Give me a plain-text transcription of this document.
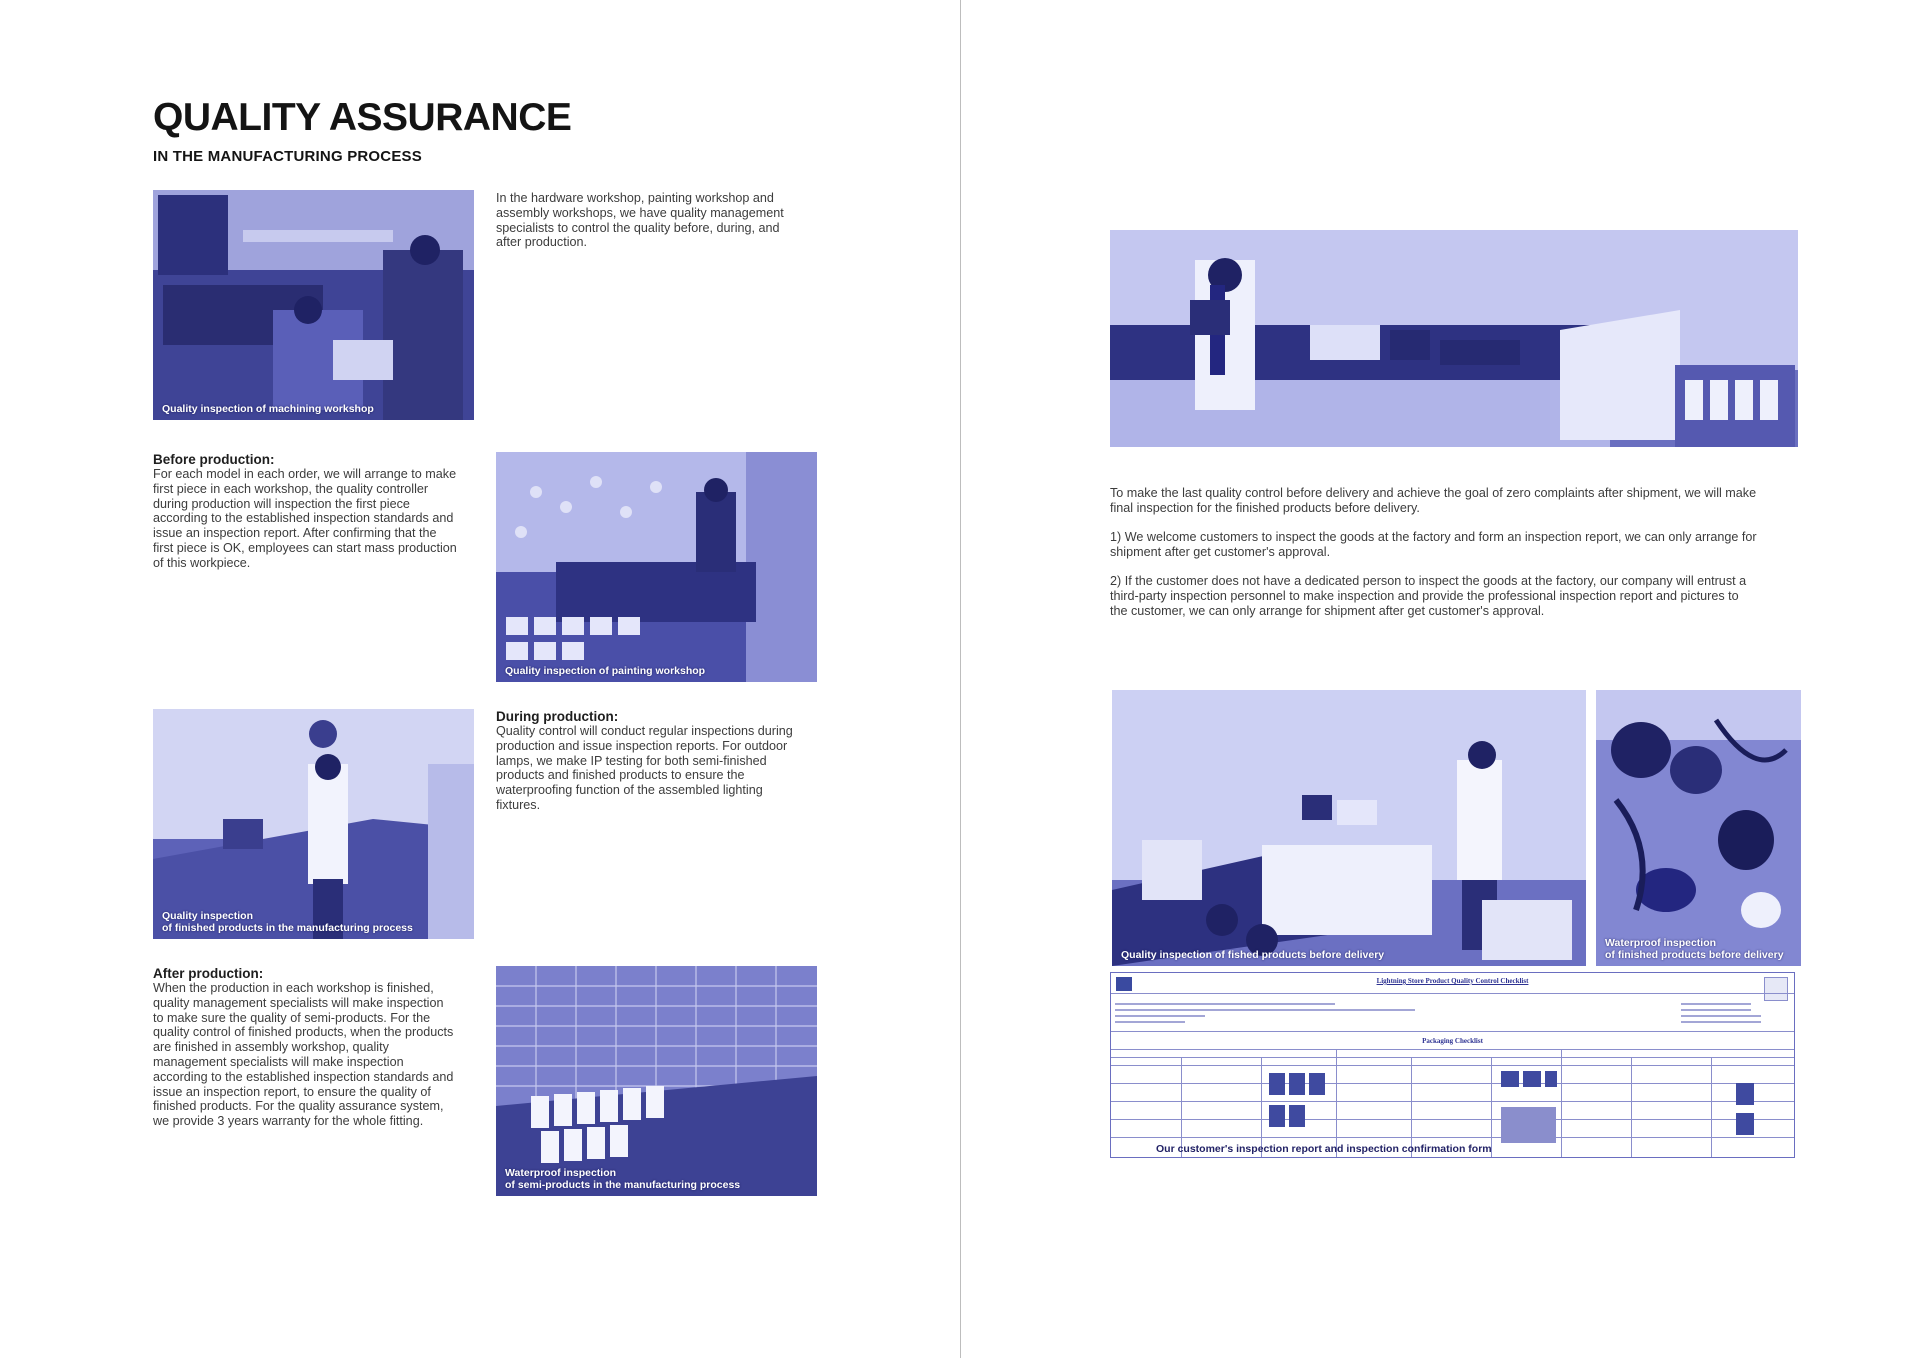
QUALITY ASSURANCE
IN THE MANUFACTURING PROCESS
Quality inspection of machining workshop

In the hardware workshop, painting workshop and
assembly workshops, we have quality management
specialists to control the quality before, during, and
after production.

Before production:

For each model in each order, we will arrange to make
first piece in each workshop, the quality controller
during production will inspection the first piece
according to the established inspection standards and
issue an inspection report. After confirming that the
first piece is OK, employees can start mass production
of this workpiece.

Quality inspection of painting workshop
Quality inspection
of finished products in the manufacturing process
During production:

Quality control will conduct regular inspections during
production and issue inspection reports. For outdoor
lamps, we make IP testing for both semi-finished
products and finished products to ensure the
waterproofing function of the assembled lighting
fixtures.

After production:

When the production in each workshop is finished,
quality management specialists will make inspection
to make sure the quality of semi-products. For the
quality control of finished products, when the products
are finished in assembly workshop, quality
management specialists will make inspection
according to the established inspection standards and
issue an inspection report, to ensure the quality of
finished products. For the quality assurance system,
we provide 3 years warranty for the whole fitting.

Waterproof inspection
of semi-products in the manufacturing process

To make the last quality control before delivery and achieve the goal of zero complaints after shipment, we will make
final inspection for the finished products before delivery.

1) We welcome customers to inspect the goods at the factory and form an inspection report, we can only arrange for
shipment after get customer's approval.

2) If the customer does not have a dedicated person to inspect the goods at the factory, our company will entrust a
third-party inspection personnel to make inspection and provide the professional inspection report and pictures to
the customer, we can only arrange for shipment after get customer's approval.

Quality inspection of fished products before delivery
Waterproof inspection
of finished products before delivery
Lightning Store Product Quality Control Checklist
Packaging Checklist
Our customer's inspection report and inspection confirmation form
